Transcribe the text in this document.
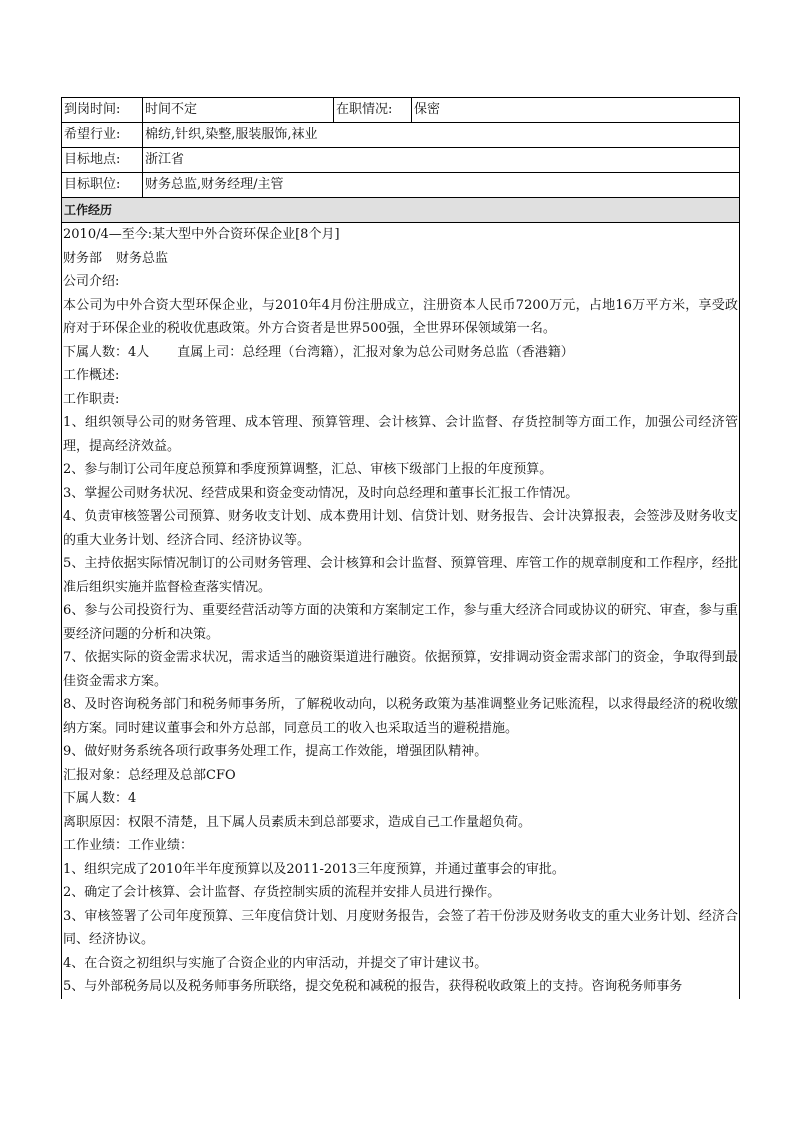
到岗时间:	时间不定	在职情况:	保密
希望行业:	棉纺,针织,染整,服装服饰,袜业
目标地点:	浙江省
目标职位:	财务总监,财务经理/主管
工作经历
2010/4—至今:某大型中外合资环保企业[8个月]
财务部 财务总监
公司介绍:
本公司为中外合资大型环保企业，与2010年4月份注册成立，注册资本人民币7200万元，占地16万平方米，享受政府对于环保企业的税收优惠政策。外方合资者是世界500强，全世界环保领域第一名。
下属人数：4人 直属上司：总经理（台湾籍），汇报对象为总公司财务总监（香港籍）
工作概述:
工作职责:
1、组织领导公司的财务管理、成本管理、预算管理、会计核算、会计监督、存货控制等方面工作，加强公司经济管理，提高经济效益。
2、参与制订公司年度总预算和季度预算调整，汇总、审核下级部门上报的年度预算。
3、掌握公司财务状况、经营成果和资金变动情况，及时向总经理和董事长汇报工作情况。
4、负责审核签署公司预算、财务收支计划、成本费用计划、信贷计划、财务报告、会计决算报表，会签涉及财务收支的重大业务计划、经济合同、经济协议等。
5、主持依据实际情况制订的公司财务管理、会计核算和会计监督、预算管理、库管工作的规章制度和工作程序，经批准后组织实施并监督检查落实情况。
6、参与公司投资行为、重要经营活动等方面的决策和方案制定工作，参与重大经济合同或协议的研究、审查，参与重要经济问题的分析和决策。
7、依据实际的资金需求状况，需求适当的融资渠道进行融资。依据预算，安排调动资金需求部门的资金，争取得到最佳资金需求方案。
8、及时咨询税务部门和税务师事务所，了解税收动向，以税务政策为基准调整业务记账流程，以求得最经济的税收缴纳方案。同时建议董事会和外方总部，同意员工的收入也采取适当的避税措施。
9、做好财务系统各项行政事务处理工作，提高工作效能，增强团队精神。
汇报对象：总经理及总部CFO
下属人数：4
离职原因：权限不清楚，且下属人员素质未到总部要求，造成自己工作量超负荷。
工作业绩：工作业绩：
1、组织完成了2010年半年度预算以及2011-2013三年度预算，并通过董事会的审批。
2、确定了会计核算、会计监督、存货控制实质的流程并安排人员进行操作。
3、审核签署了公司年度预算、三年度信贷计划、月度财务报告，会签了若干份涉及财务收支的重大业务计划、经济合同、经济协议。
4、在合资之初组织与实施了合资企业的内审活动，并提交了审计建议书。
5、与外部税务局以及税务师事务所联络，提交免税和减税的报告，获得税收政策上的支持。咨询税务师事务
